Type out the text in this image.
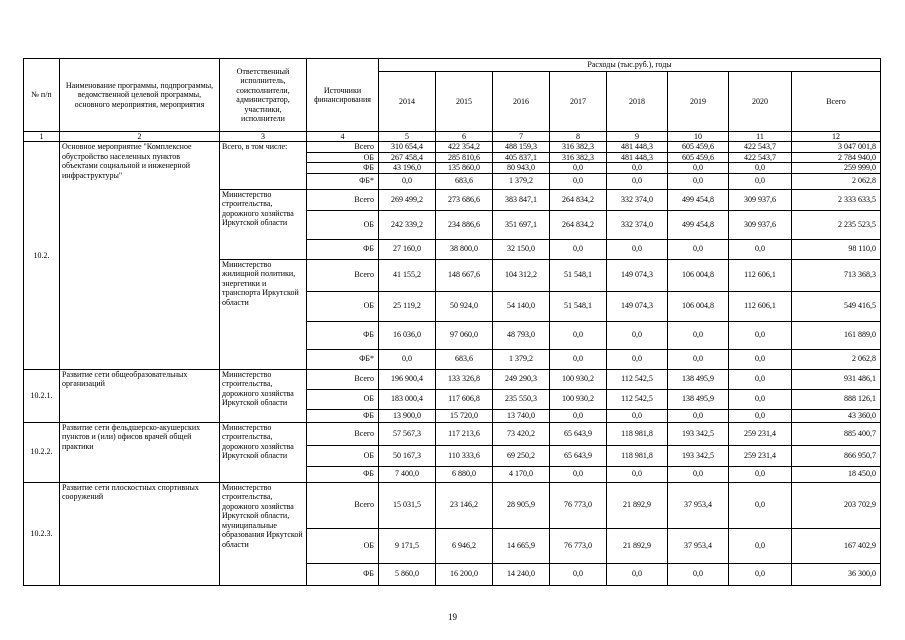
№ п/п	Наименование программы, подпрограммы, ведомственной целевой программы, основного мероприятия, мероприятия	Ответственный исполнитель, соисполнители, администратор, участники, исполнители	Источники финансирования	Расходы (тыс.руб.), годы							
				2014	2015	2016	2017	2018	2019	2020	Всего
1	2	3	4	5	6	7	8	9	10	11	12
10.2.	Основное мероприятие "Комплексное обустройство населенных пунктов объектами социальной и инженерной инфраструктуры"	Всего, в том числе:	Всего	310 654,4	422 354,2	488 159,3	316 382,3	481 448,3	605 459,6	422 543,7	3 047 001,8
			ОБ	267 458,4	285 810,6	405 837,1	316 382,3	481 448,3	605 459,6	422 543,7	2 784 940,0
			ФБ	43 196,0	135 860,0	80 943,0	0,0	0,0	0,0	0,0	259 999,0
			ФБ*	0,0	683,6	1 379,2	0,0	0,0	0,0	0,0	2 062,8
		Министерство строительства, дорожного хозяйства Иркутской области	Всего	269 499,2	273 686,6	383 847,1	264 834,2	332 374,0	499 454,8	309 937,6	2 333 633,5
			ОБ	242 339,2	234 886,6	351 697,1	264 834,2	332 374,0	499 454,8	309 937,6	2 235 523,5
			ФБ	27 160,0	38 800,0	32 150,0	0,0	0,0	0,0	0,0	98 110,0
		Министерство жилищной политики, энергетики и транспорта Иркутской области	Всего	41 155,2	148 667,6	104 312,2	51 548,1	149 074,3	106 004,8	112 606,1	713 368,3
			ОБ	25 119,2	50 924,0	54 140,0	51 548,1	149 074,3	106 004,8	112 606,1	549 416,5
			ФБ	16 036,0	97 060,0	48 793,0	0,0	0,0	0,0	0,0	161 889,0
			ФБ*	0,0	683,6	1 379,2	0,0	0,0	0,0	0,0	2 062,8
10.2.1.	Развитие сети общеобразовательных организаций	Министерство строительства, дорожного хозяйства Иркутской области	Всего	196 900,4	133 326,8	249 290,3	100 930,2	112 542,5	138 495,9	0,0	931 486,1
			ОБ	183 000,4	117 606,8	235 550,3	100 930,2	112 542,5	138 495,9	0,0	888 126,1
			ФБ	13 900,0	15 720,0	13 740,0	0,0	0,0	0,0	0,0	43 360,0
10.2.2.	Развитие сети фельдшерско-акушерских пунктов и (или) офисов врачей общей практики	Министерство строительства, дорожного хозяйства Иркутской области	Всего	57 567,3	117 213,6	73 420,2	65 643,9	118 981,8	193 342,5	259 231,4	885 400,7
			ОБ	50 167,3	110 333,6	69 250,2	65 643,9	118 981,8	193 342,5	259 231,4	866 950,7
			ФБ	7 400,0	6 880,0	4 170,0	0,0	0,0	0,0	0,0	18 450,0
10.2.3.	Развитие сети плоскостных спортивных сооружений	Министерство строительства, дорожного хозяйства Иркутской области, муниципальные образования Иркутской области	Всего	15 031,5	23 146,2	28 905,9	76 773,0	21 892,9	37 953,4	0,0	203 702,9
			ОБ	9 171,5	6 946,2	14 665,9	76 773,0	21 892,9	37 953,4	0,0	167 402,9
			ФБ	5 860,0	16 200,0	14 240,0	0,0	0,0	0,0	0,0	36 300,0
19
